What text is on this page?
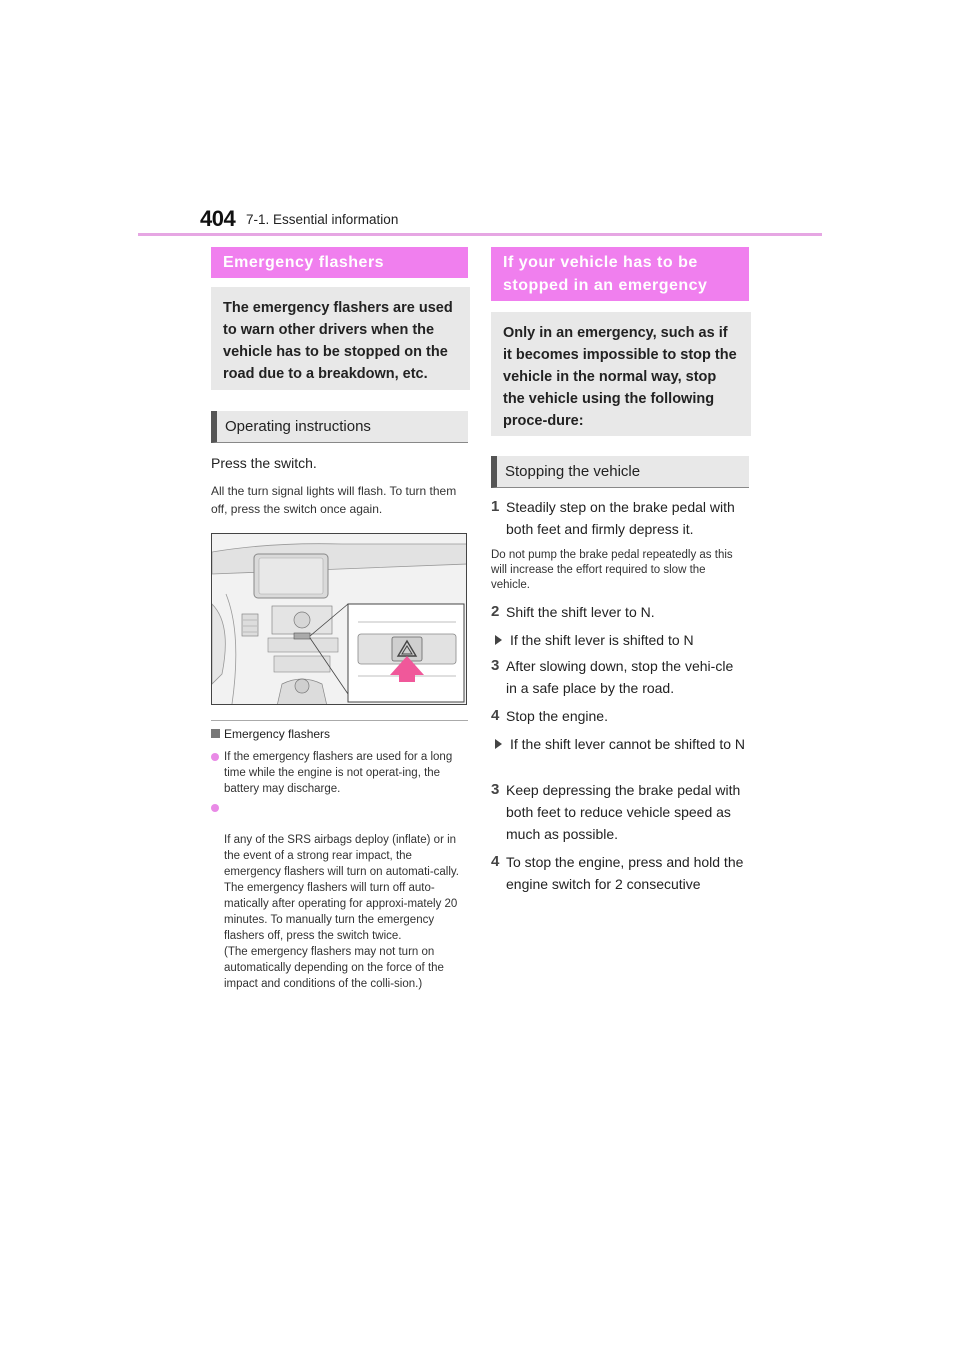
404 7-1. Essential information
Emergency flashers
The emergency flashers are used to warn other drivers when the vehicle has to be stopped on the road due to a breakdown, etc.
Operating instructions
Press the switch.
All the turn signal lights will flash. To turn them off, press the switch once again.
Emergency flashers
If the emergency flashers are used for a long time while the engine is not operat-ing, the battery may discharge.

If any of the SRS airbags deploy (inflate) or in the event of a strong rear impact, the emergency flashers will turn on automati-cally.
The emergency flashers will turn off auto-matically after operating for approxi-mately 20 minutes. To manually turn the emergency flashers off, press the switch twice.
(The emergency flashers may not turn on automatically depending on the force of the impact and conditions of the colli-sion.)

If your vehicle has to be
stopped in an emergency
Only in an emergency, such as if it becomes impossible to stop the vehicle in the normal way, stop the vehicle using the following proce-dure:
Stopping the vehicle
1 Steadily step on the brake pedal with both feet and firmly depress it.
Do not pump the brake pedal repeatedly as this will increase the effort required to slow the vehicle.
2 Shift the shift lever to N.
If the shift lever is shifted to N
3 After slowing down, stop the vehi-cle in a safe place by the road.
4 Stop the engine.
If the shift lever cannot be shifted to N
3 Keep depressing the brake pedal with both feet to reduce vehicle speed as much as possible.
4 To stop the engine, press and hold the engine switch for 2 consecutive
